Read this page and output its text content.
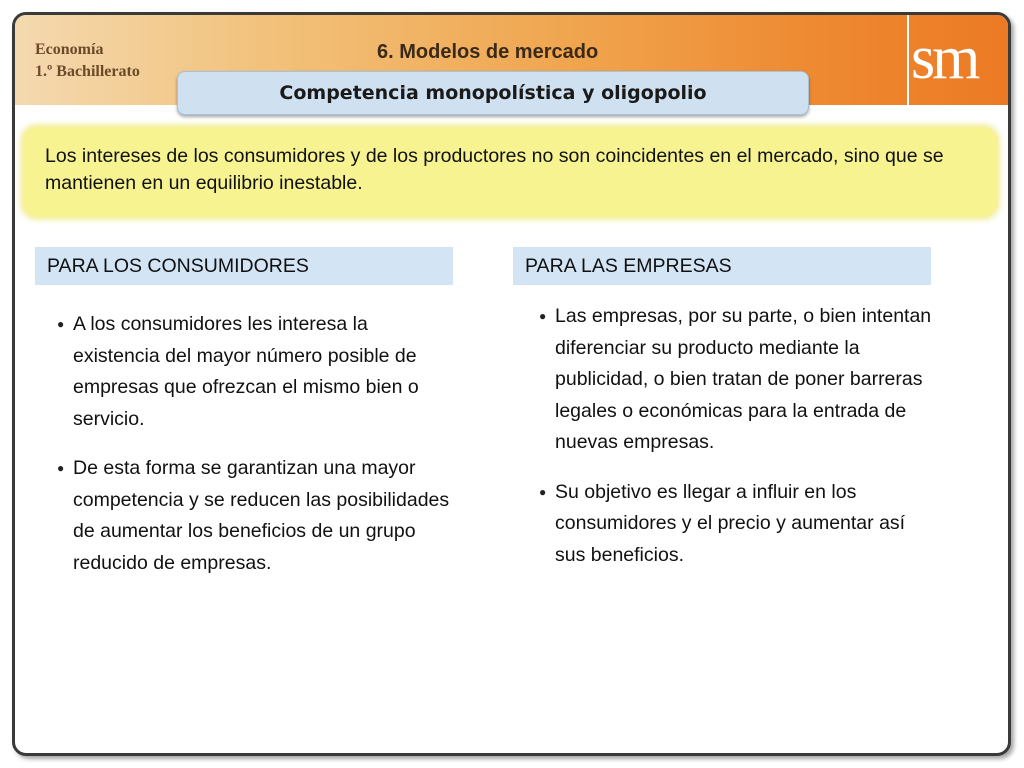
Economía
1.º Bachillerato
6. Modelos de mercado
Competencia monopolística y oligopolio
sm
Los intereses de los consumidores y de los productores no son coincidentes en el mercado, sino que se mantienen en un equilibrio inestable.
PARA LOS CONSUMIDORES	PARA LAS EMPRESAS
● A los consumidores les interesa la existencia del mayor número posible de empresas que ofrezcan el mismo bien o servicio.
● De esta forma se garantizan una mayor competencia y se reducen las posibilidades de aumentar los beneficios de un grupo reducido de empresas.
● Las empresas, por su parte, o bien intentan diferenciar su producto mediante la publicidad, o bien tratan de poner barreras legales o económicas para la entrada de nuevas empresas.
● Su objetivo es llegar a influir en los consumidores y el precio y aumentar así sus beneficios.
